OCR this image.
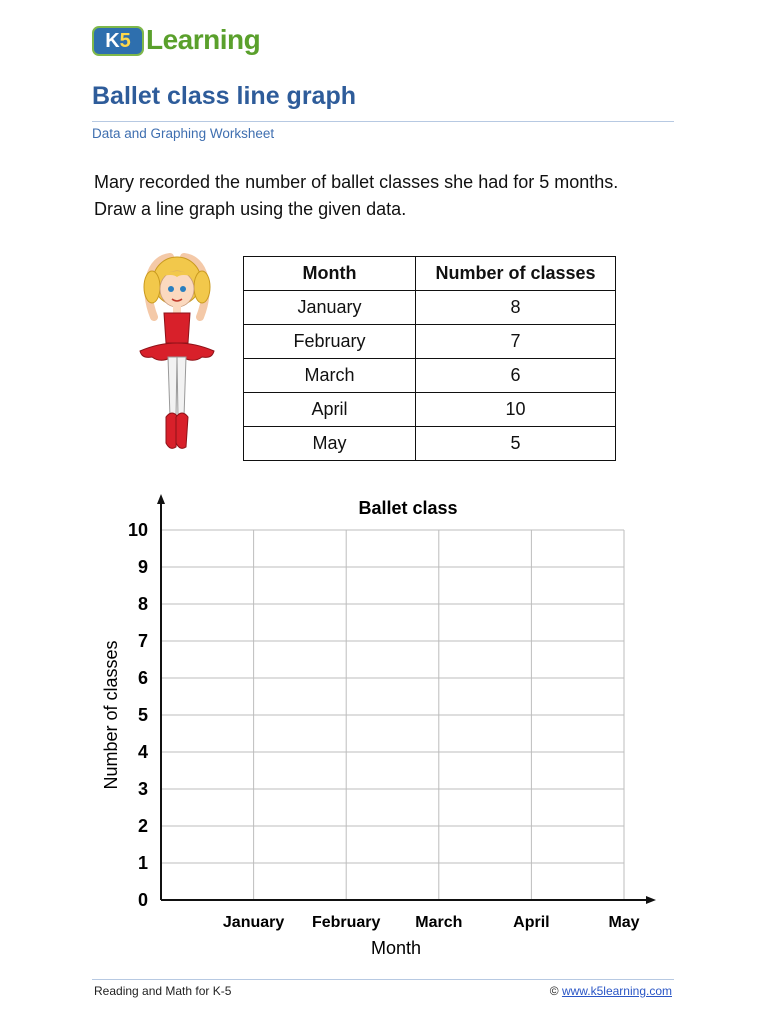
K5 Learning
Ballet class line graph
Data and Graphing Worksheet
Mary recorded the number of ballet classes she had for 5 months.
Draw a line graph using the given data.
Month	Number of classes
January	8
February	7
March	6
April	10
May	5
0
1
2
3
4
5
6
7
8
9
10
January February March	April	May
Ballet class
Month
Number of classes
Reading and Math for K-5	© www.k5learning.com
